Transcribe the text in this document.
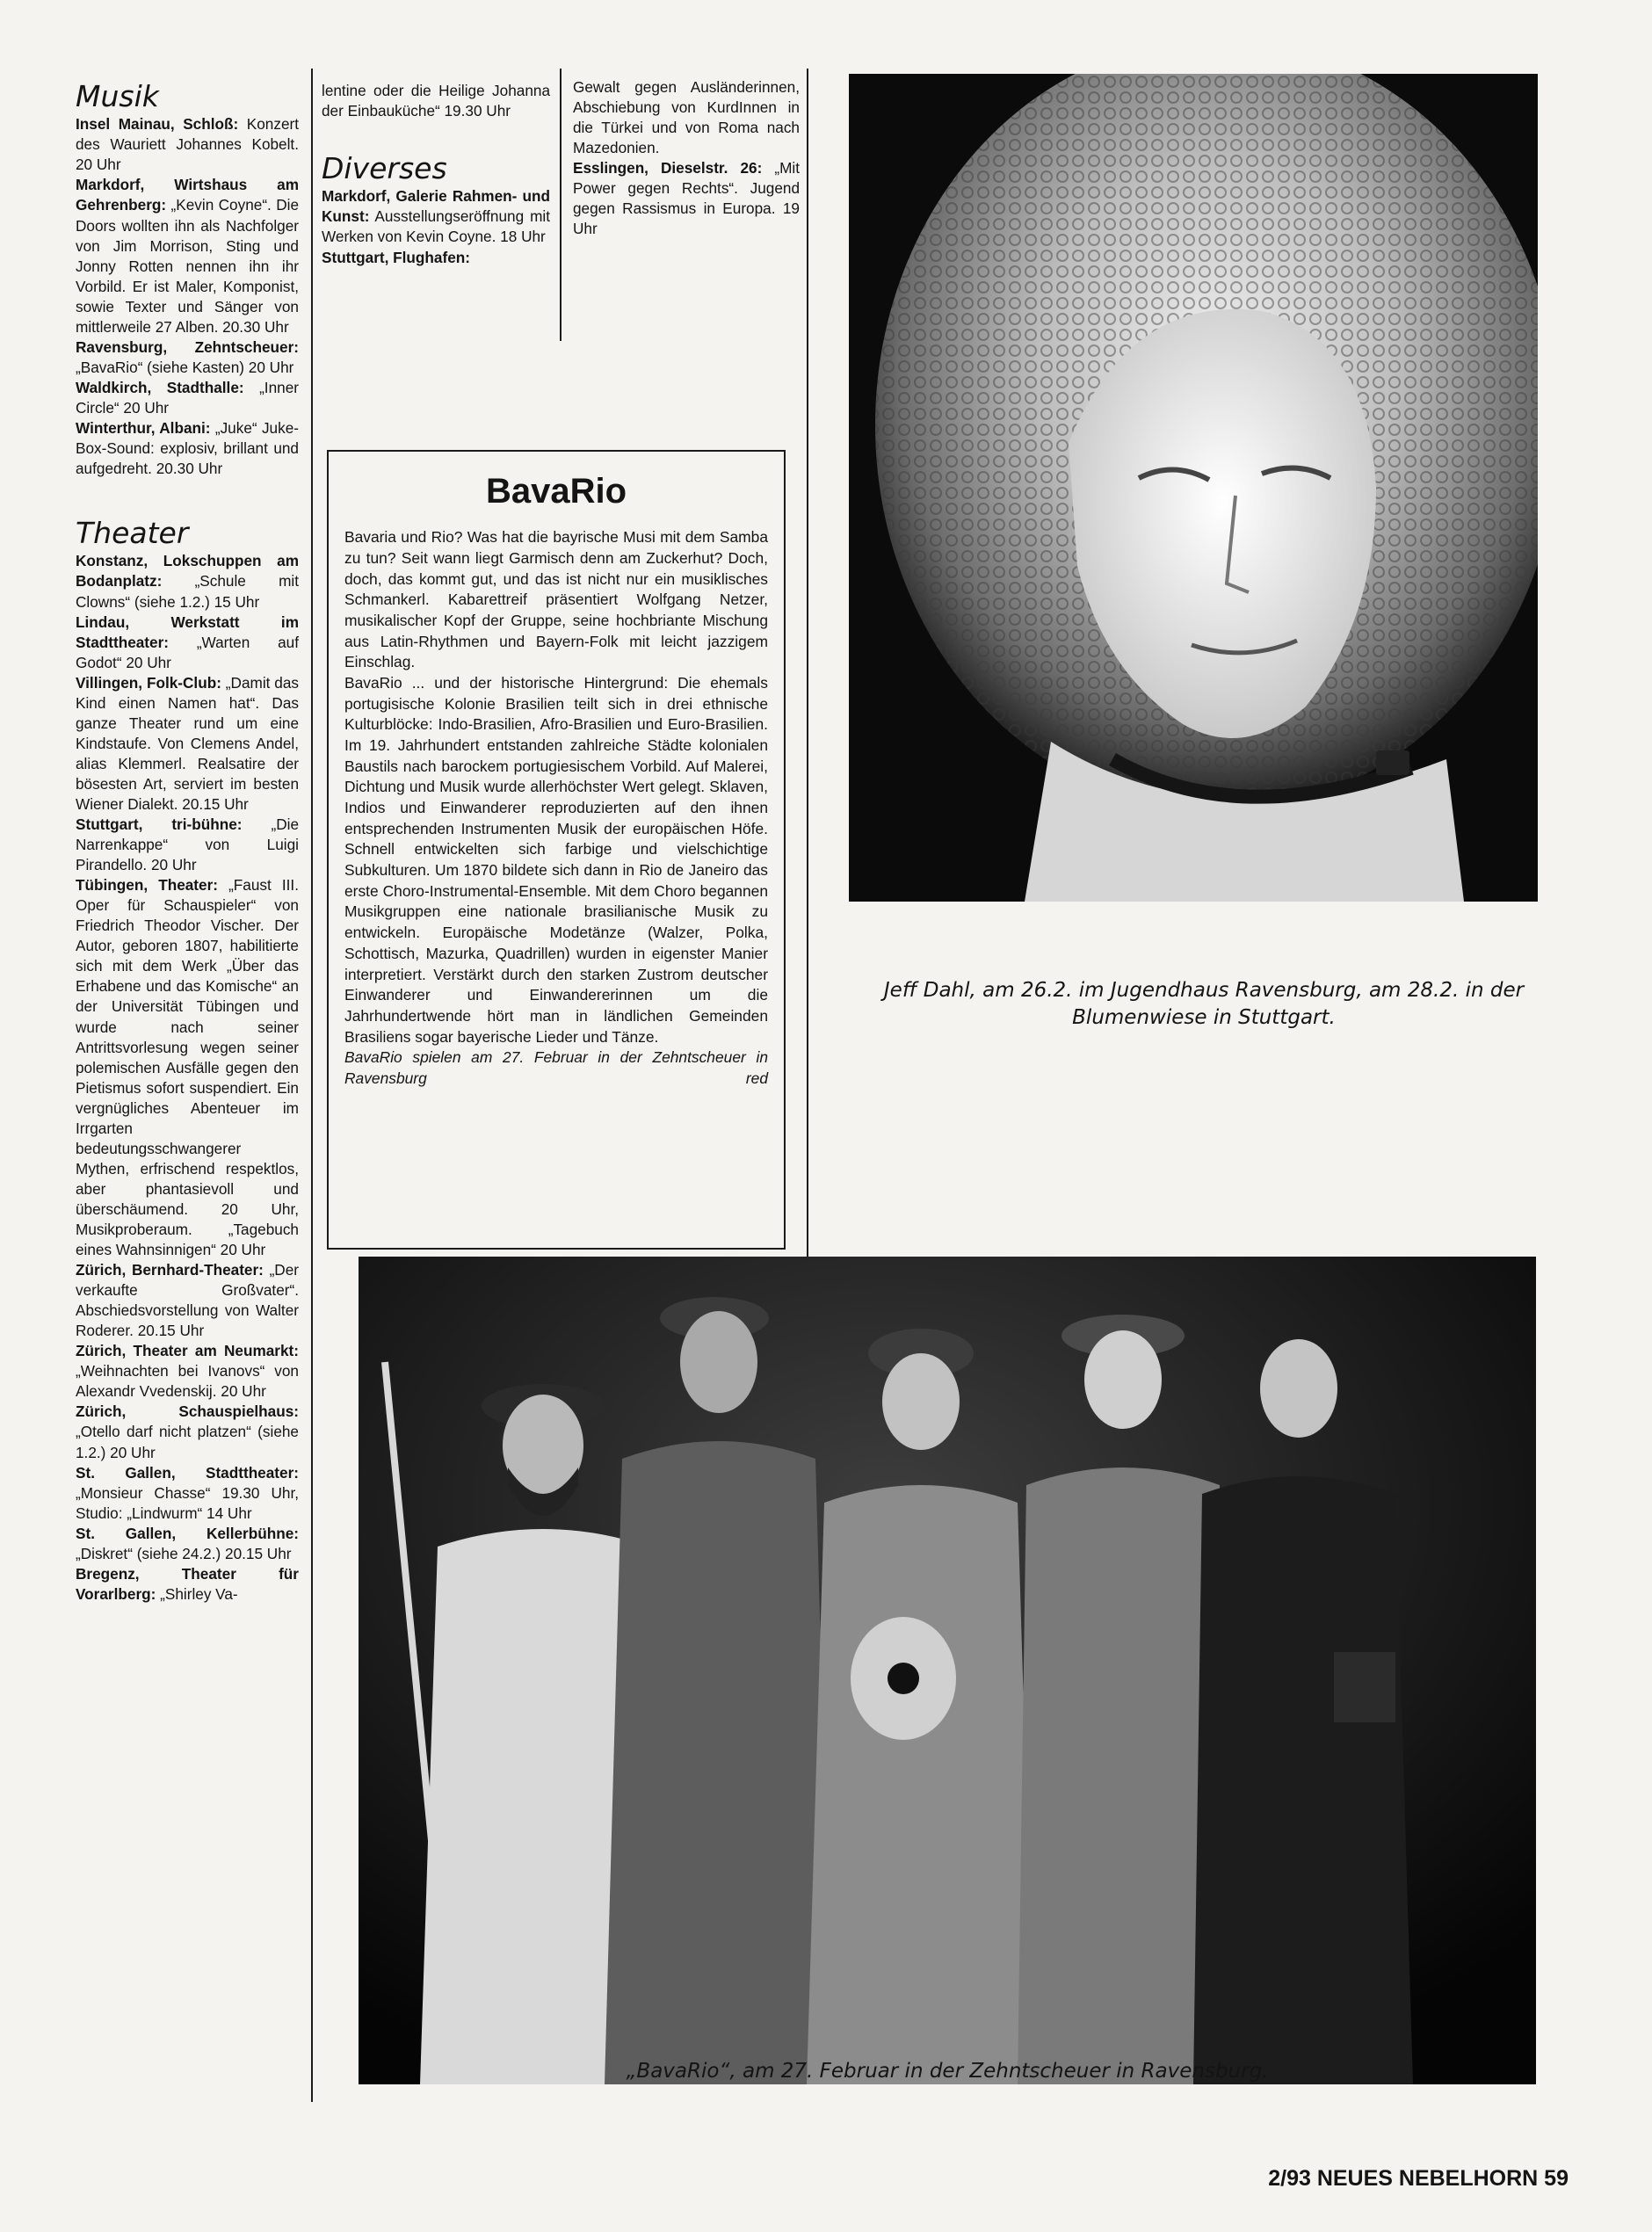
Musik

Insel Mainau, Schloß: Konzert des Wauriett Johannes Kobelt. 20 Uhr

Markdorf, Wirtshaus am Gehrenberg: „Kevin Coyne“. Die Doors wollten ihn als Nachfolger von Jim Morrison, Sting und Jonny Rotten nennen ihn ihr Vorbild. Er ist Maler, Komponist, sowie Texter und Sänger von mittlerweile 27 Alben. 20.30 Uhr

Ravensburg, Zehntscheuer: „BavaRio“ (siehe Kasten) 20 Uhr

Waldkirch, Stadthalle: „Inner Circle“ 20 Uhr

Winterthur, Albani: „Juke“ Juke-Box-Sound: explosiv, brillant und aufgedreht. 20.30 Uhr

Theater

Konstanz, Lokschuppen am Bodanplatz: „Schule mit Clowns“ (siehe 1.2.) 15 Uhr

Lindau, Werkstatt im Stadttheater: „Warten auf Godot“ 20 Uhr

Villingen, Folk-Club: „Damit das Kind einen Namen hat“. Das ganze Theater rund um eine Kindstaufe. Von Clemens Andel, alias Klemmerl. Realsatire der bösesten Art, serviert im besten Wiener Dialekt. 20.15 Uhr

Stuttgart, tri-bühne: „Die Narrenkappe“ von Luigi Pirandello. 20 Uhr

Tübingen, Theater: „Faust III. Oper für Schauspieler“ von Friedrich Theodor Vischer. Der Autor, geboren 1807, habilitierte sich mit dem Werk „Über das Erhabene und das Komische“ an der Universität Tübingen und wurde nach seiner Antrittsvorlesung wegen seiner polemischen Ausfälle gegen den Pietismus sofort suspendiert. Ein vergnügliches Abenteuer im Irrgarten bedeutungsschwangerer Mythen, erfrischend respektlos, aber phantasievoll und überschäumend. 20 Uhr, Musikproberaum. „Tagebuch eines Wahnsinnigen“ 20 Uhr

Zürich, Bernhard-Theater: „Der verkaufte Großvater“. Abschiedsvorstellung von Walter Roderer. 20.15 Uhr

Zürich, Theater am Neumarkt: „Weihnachten bei Ivanovs“ von Alexandr Vvedenskij. 20 Uhr

Zürich, Schauspielhaus: „Otello darf nicht platzen“ (siehe 1.2.) 20 Uhr

St. Gallen, Stadttheater: „Monsieur Chasse“ 19.30 Uhr, Studio: „Lindwurm“ 14 Uhr

St. Gallen, Kellerbühne: „Diskret“ (siehe 24.2.) 20.15 Uhr

Bregenz, Theater für Vorarlberg: „Shirley Va-

lentine oder die Heilige Johanna der Einbauküche“ 19.30 Uhr

Diverses

Markdorf, Galerie Rahmen- und Kunst: Ausstellungseröffnung mit Werken von Kevin Coyne. 18 Uhr

Stuttgart, Flughafen:

Gewalt gegen Ausländerinnen, Abschiebung von KurdInnen in die Türkei und von Roma nach Mazedonien.

Esslingen, Dieselstr. 26: „Mit Power gegen Rechts“. Jugend gegen Rassismus in Europa. 19 Uhr

BavaRio

Bavaria und Rio? Was hat die bayrische Musi mit dem Samba zu tun? Seit wann liegt Garmisch denn am Zuckerhut? Doch, doch, das kommt gut, und das ist nicht nur ein musiklisches Schmankerl. Kabarettreif präsentiert Wolfgang Netzer, musikalischer Kopf der Gruppe, seine hochbriante Mischung aus Latin-Rhythmen und Bayern-Folk mit leicht jazzigem Einschlag.

BavaRio ... und der historische Hintergrund: Die ehemals portugisische Kolonie Brasilien teilt sich in drei ethnische Kulturblöcke: Indo-Brasilien, Afro-Brasilien und Euro-Brasilien. Im 19. Jahrhundert entstanden zahlreiche Städte kolonialen Baustils nach barockem portugiesischem Vorbild. Auf Malerei, Dichtung und Musik wurde allerhöchster Wert gelegt. Sklaven, Indios und Einwanderer reproduzierten auf den ihnen entsprechenden Instrumenten Musik der europäischen Höfe. Schnell entwickelten sich farbige und vielschichtige Subkulturen. Um 1870 bildete sich dann in Rio de Janeiro das erste Choro-Instrumental-Ensemble. Mit dem Choro begannen Musikgruppen eine nationale brasilianische Musik zu entwickeln. Europäische Modetänze (Walzer, Polka, Schottisch, Mazurka, Quadrillen) wurden in eigenster Manier interpretiert. Verstärkt durch den starken Zustrom deutscher Einwanderer und Einwandererinnen um die Jahrhundertwende hört man in ländlichen Gemeinden Brasiliens sogar bayerische Lieder und Tänze.

BavaRio spielen am 27. Februar in der Zehntscheuer in Ravensburg	red

Jeff Dahl, am 26.2. im Jugendhaus Ravensburg, am 28.2. in der Blumenwiese in Stuttgart.
„BavaRio“, am 27. Februar in der Zehntscheuer in Ravensburg.
2/93 NEUES NEBELHORN 59
